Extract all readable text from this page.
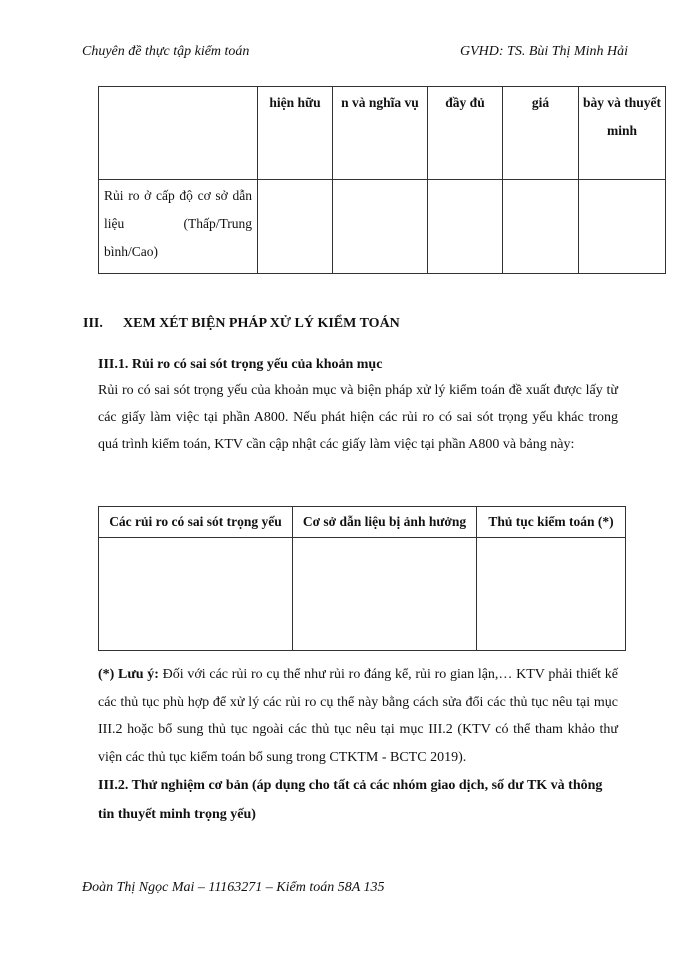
Chuyên đề thực tập kiểm toán	GVHD: TS. Bùi Thị Minh Hải
	hiện hữu	n và nghĩa vụ	đầy đủ	giá	bày và thuyết minh
Rủi ro ở cấp độ cơ sở dẫn liệu (Thấp/Trung bình/Cao)					
III. XEM XÉT BIỆN PHÁP XỬ LÝ KIỂM TOÁN
III.1. Rủi ro có sai sót trọng yếu của khoản mục
Rủi ro có sai sót trọng yếu của khoản mục và biện pháp xử lý kiểm toán đề xuất được lấy từ các giấy làm việc tại phần A800. Nếu phát hiện các rủi ro có sai sót trọng yếu khác trong quá trình kiểm toán, KTV cần cập nhật các giấy làm việc tại phần A800 và bảng này:
Các rủi ro có sai sót trọng yếu	Cơ sở dẫn liệu bị ảnh hưởng	Thủ tục kiểm toán (*)

(*) Lưu ý: Đối với các rủi ro cụ thể như rủi ro đáng kể, rủi ro gian lận,… KTV phải thiết kế các thủ tục phù hợp để xử lý các rủi ro cụ thể này bằng cách sửa đổi các thủ tục nêu tại mục III.2 hoặc bổ sung thủ tục ngoài các thủ tục nêu tại mục III.2 (KTV có thể tham khảo thư viện các thủ tục kiểm toán bổ sung trong CTKTM - BCTC 2019).
III.2. Thử nghiệm cơ bản (áp dụng cho tất cả các nhóm giao dịch, số dư TK và thông tin thuyết minh trọng yếu)
Đoàn Thị Ngọc Mai – 11163271 – Kiểm toán 58A 135
